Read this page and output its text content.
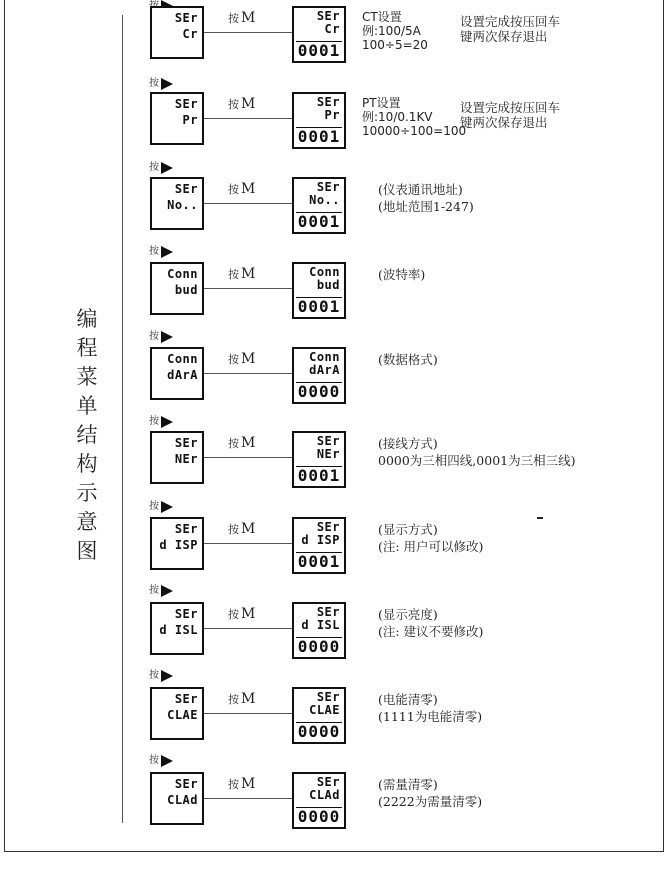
编
程
菜
单
结
构
示
意
图
SEr
Cr
按 M	SEr
Cr
0001
CT设置
例:100/5A
100÷5=20
设置完成按压回车
键两次保存退出
按
SEr
Pr
按 M	SEr
Pr
0001
PT设置
例:10/0.1KV
10000÷100=100
设置完成按压回车
键两次保存退出
按
SEr
No..
按 M	SEr
No..
0001
(仪表通讯地址)
(地址范围1-247)
按
Conn
bud
按 M	Conn
bud
0001
(波特率)
按
Conn
dArA
按 M	Conn
dArA
0000
(数据格式)
按
SEr
NEr
按 M	SEr
NEr
0001
(接线方式)
0000为三相四线,0001为三相三线)
按
SEr
d ISP
按 M	SEr
d ISP
0001
(显示方式)
(注: 用户可以修改)
按
SEr
d ISL
按 M	SEr
d ISL
0000
(显示亮度)
(注: 建议不要修改)
按
SEr
CLAE
按 M	SEr
CLAE
0000
(电能清零)
(1111为电能清零)
按
SEr
CLAd
按 M	SEr
CLAd
0000
(需量清零)
(2222为需量清零)
